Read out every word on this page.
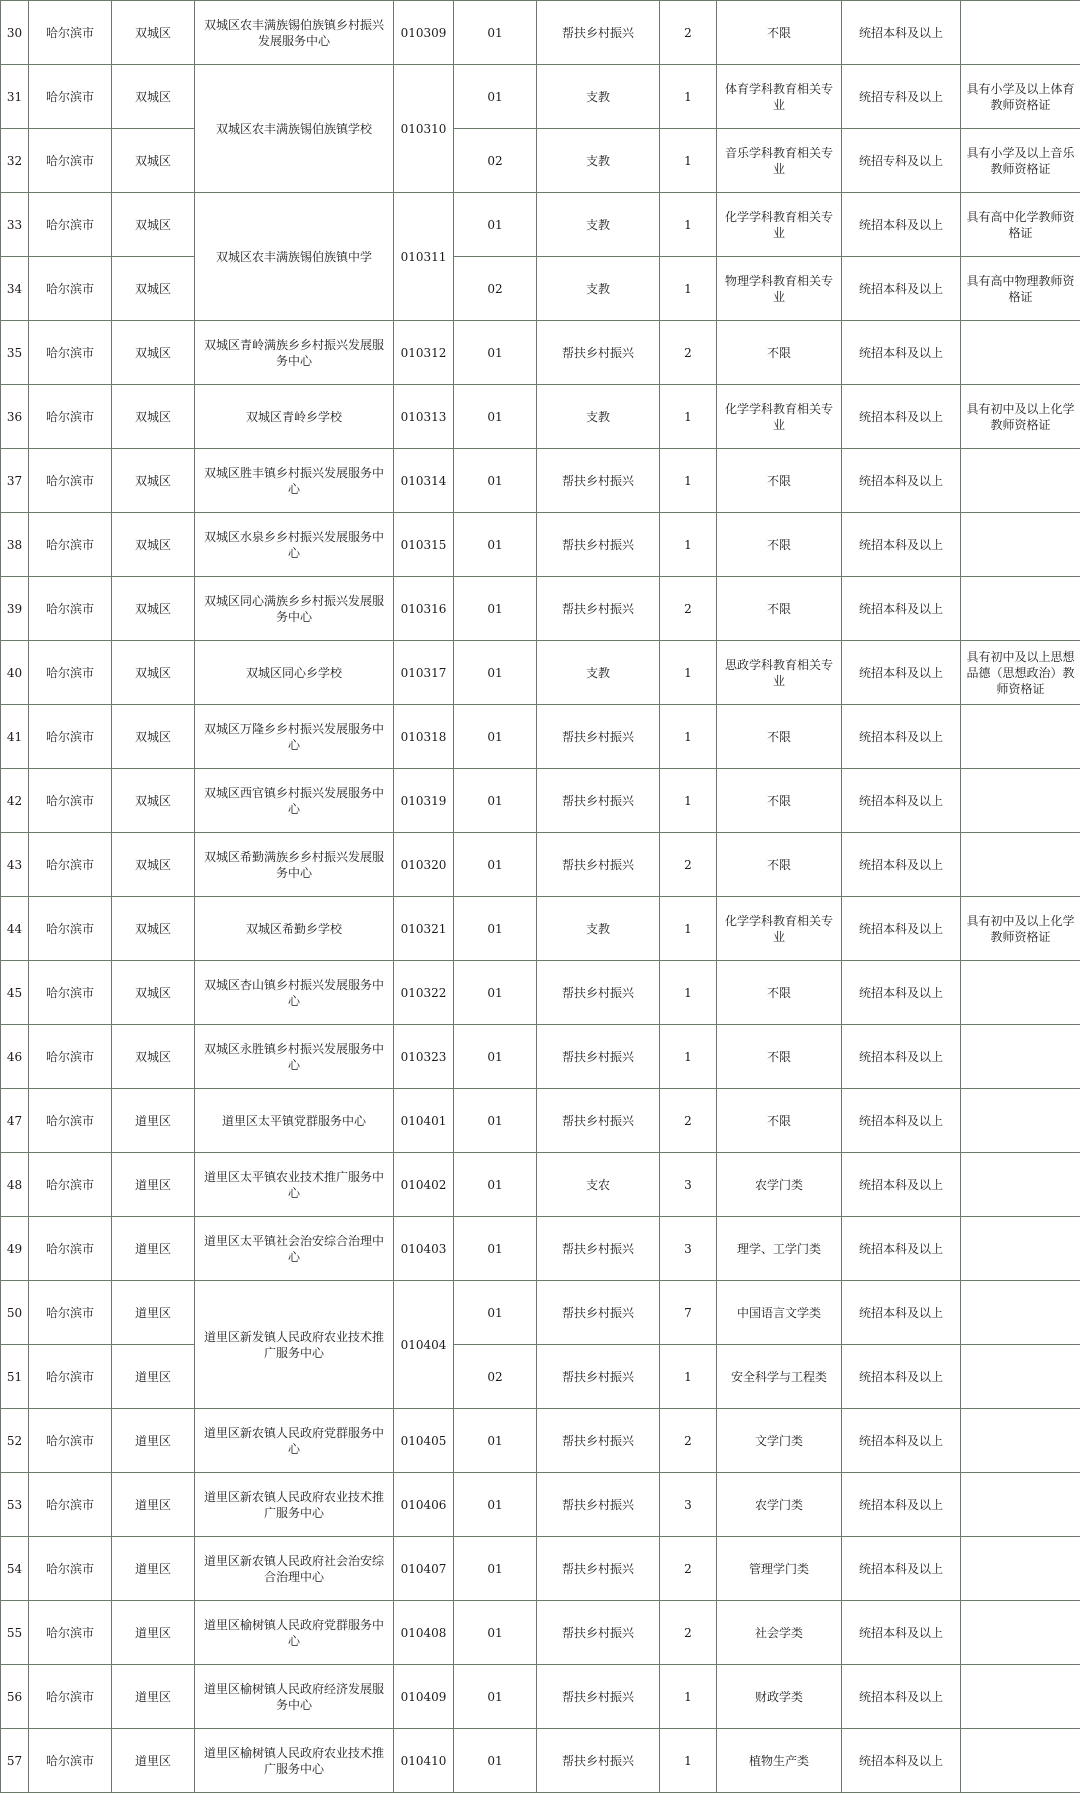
30	哈尔滨市	双城区	双城区农丰满族锡伯族镇乡村振兴发展服务中心	010309	01	帮扶乡村振兴	2	不限	统招本科及以上	
31	哈尔滨市	双城区	双城区农丰满族锡伯族镇学校	010310	01	支教	1	体育学科教育相关专业	统招专科及以上	具有小学及以上体育教师资格证
32	哈尔滨市	双城区			02	支教	1	音乐学科教育相关专业	统招专科及以上	具有小学及以上音乐教师资格证
33	哈尔滨市	双城区	双城区农丰满族锡伯族镇中学	010311	01	支教	1	化学学科教育相关专业	统招本科及以上	具有高中化学教师资格证
34	哈尔滨市	双城区			02	支教	1	物理学科教育相关专业	统招本科及以上	具有高中物理教师资格证
35	哈尔滨市	双城区	双城区青岭满族乡乡村振兴发展服务中心	010312	01	帮扶乡村振兴	2	不限	统招本科及以上	
36	哈尔滨市	双城区	双城区青岭乡学校	010313	01	支教	1	化学学科教育相关专业	统招本科及以上	具有初中及以上化学教师资格证
37	哈尔滨市	双城区	双城区胜丰镇乡村振兴发展服务中心	010314	01	帮扶乡村振兴	1	不限	统招本科及以上	
38	哈尔滨市	双城区	双城区水泉乡乡村振兴发展服务中心	010315	01	帮扶乡村振兴	1	不限	统招本科及以上	
39	哈尔滨市	双城区	双城区同心满族乡乡村振兴发展服务中心	010316	01	帮扶乡村振兴	2	不限	统招本科及以上	
40	哈尔滨市	双城区	双城区同心乡学校	010317	01	支教	1	思政学科教育相关专业	统招本科及以上	具有初中及以上思想品德（思想政治）教师资格证
41	哈尔滨市	双城区	双城区万隆乡乡村振兴发展服务中心	010318	01	帮扶乡村振兴	1	不限	统招本科及以上	
42	哈尔滨市	双城区	双城区西官镇乡村振兴发展服务中心	010319	01	帮扶乡村振兴	1	不限	统招本科及以上	
43	哈尔滨市	双城区	双城区希勤满族乡乡村振兴发展服务中心	010320	01	帮扶乡村振兴	2	不限	统招本科及以上	
44	哈尔滨市	双城区	双城区希勤乡学校	010321	01	支教	1	化学学科教育相关专业	统招本科及以上	具有初中及以上化学教师资格证
45	哈尔滨市	双城区	双城区杏山镇乡村振兴发展服务中心	010322	01	帮扶乡村振兴	1	不限	统招本科及以上	
46	哈尔滨市	双城区	双城区永胜镇乡村振兴发展服务中心	010323	01	帮扶乡村振兴	1	不限	统招本科及以上	
47	哈尔滨市	道里区	道里区太平镇党群服务中心	010401	01	帮扶乡村振兴	2	不限	统招本科及以上	
48	哈尔滨市	道里区	道里区太平镇农业技术推广服务中心	010402	01	支农	3	农学门类	统招本科及以上	
49	哈尔滨市	道里区	道里区太平镇社会治安综合治理中心	010403	01	帮扶乡村振兴	3	理学、工学门类	统招本科及以上	
50	哈尔滨市	道里区	道里区新发镇人民政府农业技术推广服务中心	010404	01	帮扶乡村振兴	7	中国语言文学类	统招本科及以上	
51	哈尔滨市	道里区			02	帮扶乡村振兴	1	安全科学与工程类	统招本科及以上	
52	哈尔滨市	道里区	道里区新农镇人民政府党群服务中心	010405	01	帮扶乡村振兴	2	文学门类	统招本科及以上	
53	哈尔滨市	道里区	道里区新农镇人民政府农业技术推广服务中心	010406	01	帮扶乡村振兴	3	农学门类	统招本科及以上	
54	哈尔滨市	道里区	道里区新农镇人民政府社会治安综合治理中心	010407	01	帮扶乡村振兴	2	管理学门类	统招本科及以上	
55	哈尔滨市	道里区	道里区榆树镇人民政府党群服务中心	010408	01	帮扶乡村振兴	2	社会学类	统招本科及以上	
56	哈尔滨市	道里区	道里区榆树镇人民政府经济发展服务中心	010409	01	帮扶乡村振兴	1	财政学类	统招本科及以上	
57	哈尔滨市	道里区	道里区榆树镇人民政府农业技术推广服务中心	010410	01	帮扶乡村振兴	1	植物生产类	统招本科及以上	
